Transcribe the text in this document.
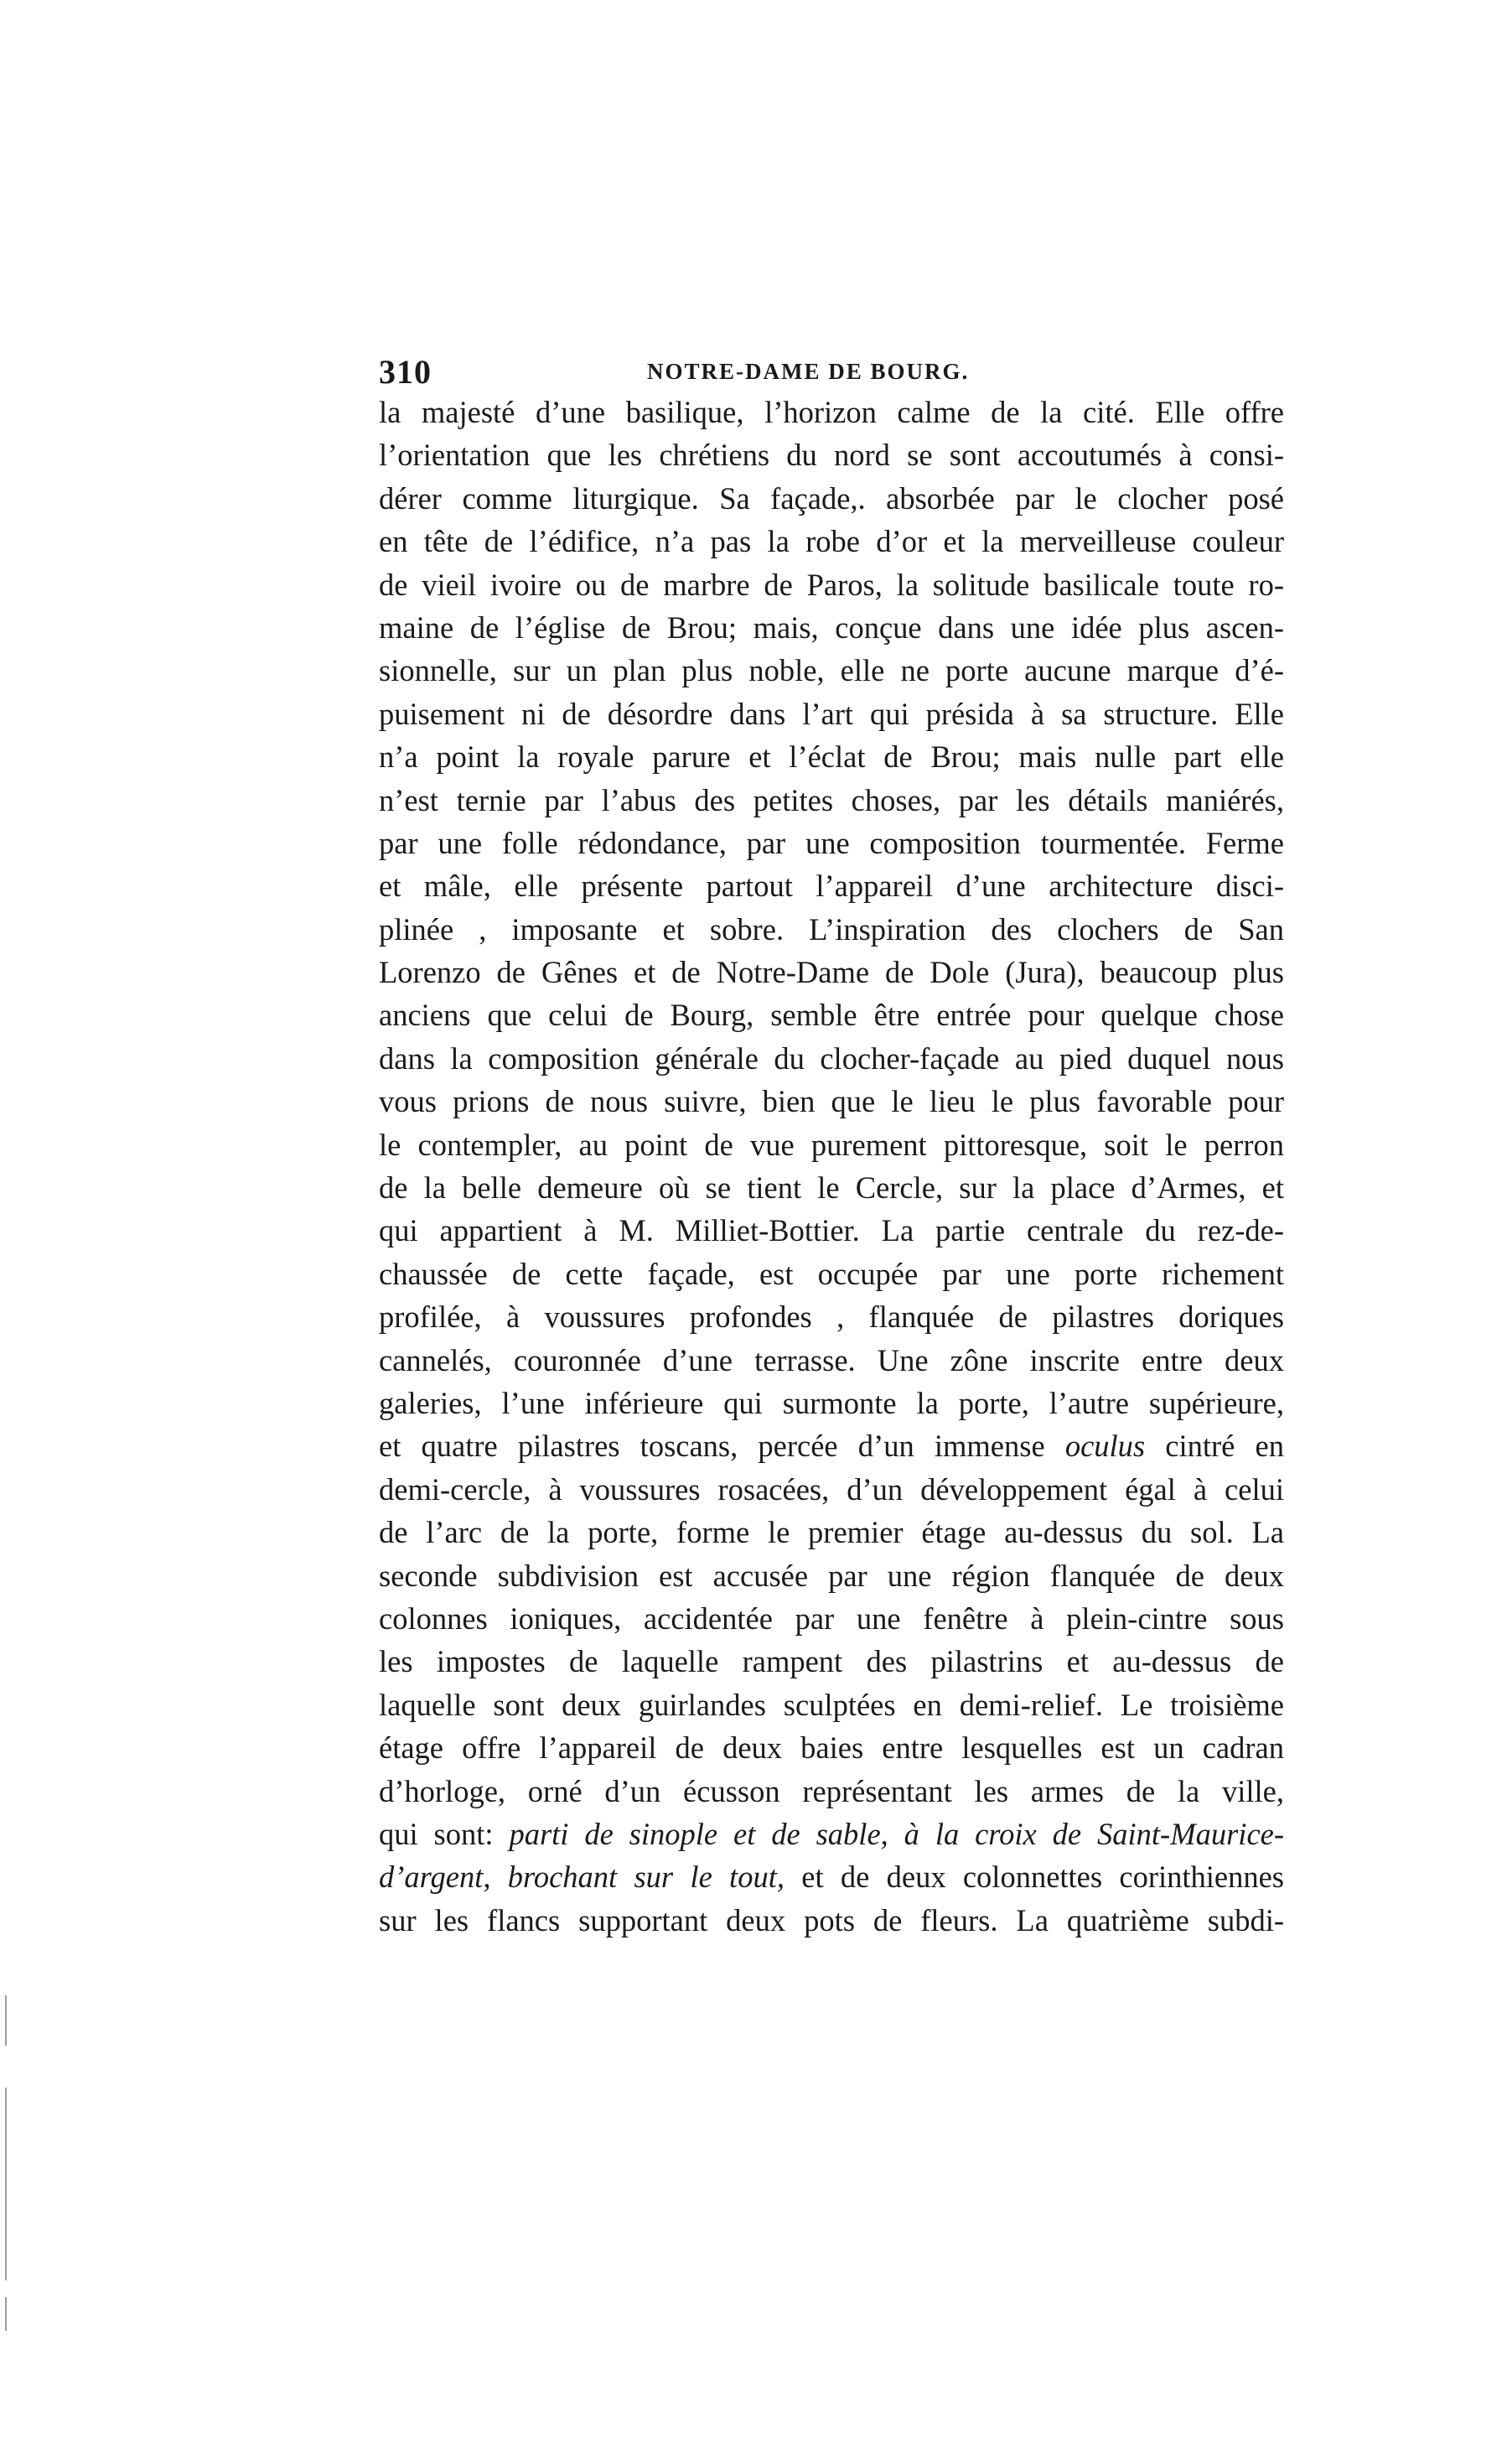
310	NOTRE-DAME DE BOURG.
la majesté d’une basilique, l’horizon calme de la cité. Elle offre
l’orientation que les chrétiens du nord se sont accoutumés à consi-
dérer comme liturgique. Sa façade,. absorbée par le clocher posé
en tête de l’édifice, n’a pas la robe d’or et la merveilleuse couleur
de vieil ivoire ou de marbre de Paros, la solitude basilicale toute ro-
maine de l’église de Brou; mais, conçue dans une idée plus ascen-
sionnelle, sur un plan plus noble, elle ne porte aucune marque d’é-
puisement ni de désordre dans l’art qui présida à sa structure. Elle
n’a point la royale parure et l’éclat de Brou; mais nulle part elle
n’est ternie par l’abus des petites choses, par les détails maniérés,
par une folle rédondance, par une composition tourmentée. Ferme
et mâle, elle présente partout l’appareil d’une architecture disci-
plinée , imposante et sobre. L’inspiration des clochers de San
Lorenzo de Gênes et de Notre-Dame de Dole (Jura), beaucoup plus
anciens que celui de Bourg, semble être entrée pour quelque chose
dans la composition générale du clocher-façade au pied duquel nous
vous prions de nous suivre, bien que le lieu le plus favorable pour
le contempler, au point de vue purement pittoresque, soit le perron
de la belle demeure où se tient le Cercle, sur la place d’Armes, et
qui appartient à M. Milliet-Bottier. La partie centrale du rez-de-
chaussée de cette façade, est occupée par une porte richement
profilée, à voussures profondes , flanquée de pilastres doriques
cannelés, couronnée d’une terrasse. Une zône inscrite entre deux
galeries, l’une inférieure qui surmonte la porte, l’autre supérieure,
et quatre pilastres toscans, percée d’un immense oculus cintré en
demi-cercle, à voussures rosacées, d’un développement égal à celui
de l’arc de la porte, forme le premier étage au-dessus du sol. La
seconde subdivision est accusée par une région flanquée de deux
colonnes ioniques, accidentée par une fenêtre à plein-cintre sous
les impostes de laquelle rampent des pilastrins et au-dessus de
laquelle sont deux guirlandes sculptées en demi-relief. Le troisième
étage offre l’appareil de deux baies entre lesquelles est un cadran
d’horloge, orné d’un écusson représentant les armes de la ville,
qui sont: parti de sinople et de sable, à la croix de Saint-Maurice-
d’argent, brochant sur le tout, et de deux colonnettes corinthiennes
sur les flancs supportant deux pots de fleurs. La quatrième subdi-
